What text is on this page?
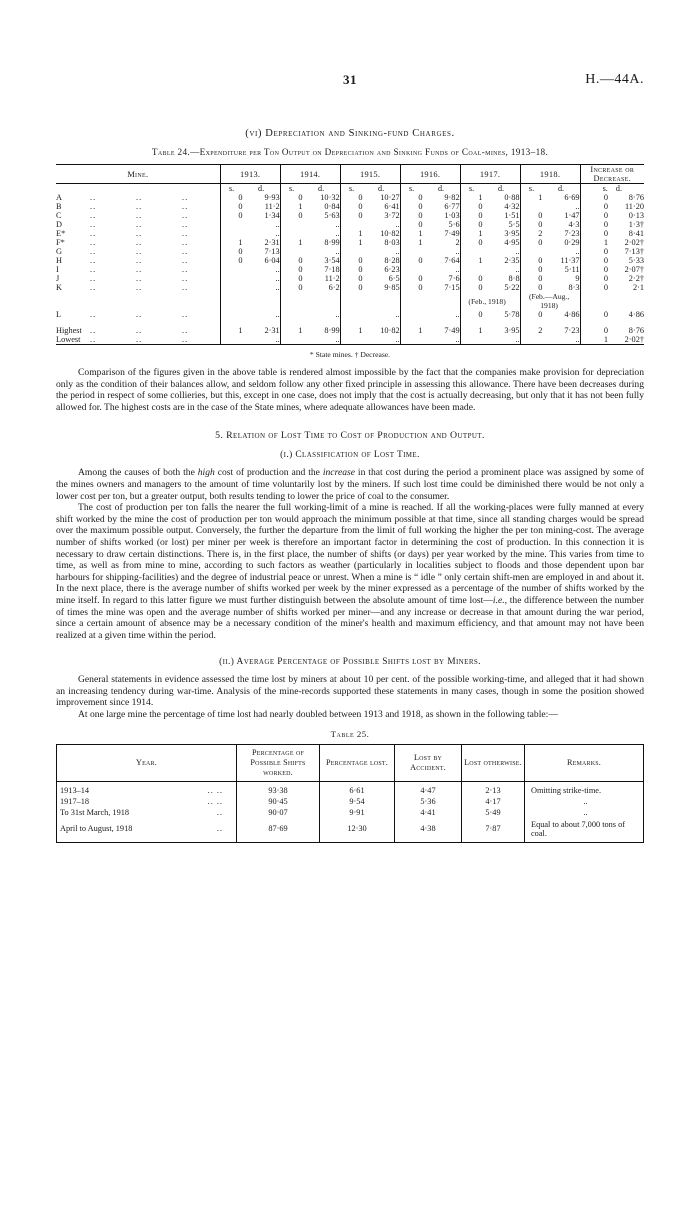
31	H.—44A.
(vi) Depreciation and Sinking-fund Charges.
Table 24.—Expenditure per Ton Output on Depreciation and Sinking Funds of Coal-mines, 1913–18.
Mine.	1913.		1914.		1915.		1916.		1917.		1918.		Increase or Decrease.
	s.	d.	s.	d.	s.	d.	s.	d.	s.	d.	s.	d.	s. d.
A .. .. ..	0	9·93	0	10·32	0	10·27	0	9·82	1	0·88	1	6·69	0 8·76
B .. .. ..	0	11·2	1	0·84	0	6·41	0	6·77	0	4·32		..	0 11·20
C .. .. ..	0	1·34	0	5·63	0	3·72	0	1·03	0	1·51	0	1·47	0 0·13
D .. .. ..		..		..		..	0	5·6	0	5·5	0	4·3	0 1·3†
E* .. .. ..		..		..	1	10·82	1	7·49	1	3·95	2	7·23	0 8·41
F* .. .. ..	1	2·31	1	8·99	1	8·03	1	2	0	4·95	0	0·29	1 2·02†
G .. .. ..	0	7·13		..		..		..		..		..	0 7·13†
H .. .. ..	0	6·04	0	3·54	0	8·28	0	7·64	1	2·35	0	11·37	0 5·33
I .. .. ..		..	0	7·18	0	6·23		..		..	0	5·11	0 2·07†
J .. .. ..		..	0	11·2	0	6·5	0	7·6	0	8·8	0	9	0 2·2†
K .. .. ..		..	0	6·2	0	9·85	0	7·15	0	5·22	0	8·3	0 2·1
									(Feb., 1918)		(Feb.—Aug., 1918)		
L .. .. ..		..		..		..		..	0	5·78	0	4·86	0 4·86

Highest .. .. ..	1	2·31	1	8·99	1	10·82	1	7·49	1	3·95	2	7·23	0 8·76
Lowest .. .. ..		..		..		..		..		..		..	1 2·02†
* State mines. † Decrease.

Comparison of the figures given in the above table is rendered almost impossible by the fact that the companies make provision for depreciation only as the condition of their balances allow, and seldom follow any other fixed principle in assessing this allowance. There have been decreases during the period in respect of some collieries, but this, except in one case, does not imply that the cost is actually decreasing, but only that it has not been fully allowed for. The highest costs are in the case of the State mines, where adequate allowances have been made.

5. Relation of Lost Time to Cost of Production and Output.
(i.) Classification of Lost Time.

Among the causes of both the high cost of production and the increase in that cost during the period a prominent place was assigned by some of the mines owners and managers to the amount of time voluntarily lost by the miners. If such lost time could be diminished there would be not only a lower cost per ton, but a greater output, both results tending to lower the price of coal to the consumer.

The cost of production per ton falls the nearer the full working-limit of a mine is reached. If all the working-places were fully manned at every shift worked by the mine the cost of production per ton would approach the minimum possible at that time, since all standing charges would be spread over the maximum possible output. Conversely, the further the departure from the limit of full working the higher the per ton mining-cost. The average number of shifts worked (or lost) per miner per week is therefore an important factor in determining the cost of production. In this connection it is necessary to draw certain distinctions. There is, in the first place, the number of shifts (or days) per year worked by the mine. This varies from time to time, as well as from mine to mine, according to such factors as weather (particularly in localities subject to floods and those dependent upon bar harbours for shipping-facilities) and the degree of industrial peace or unrest. When a mine is “ idle ” only certain shift-men are employed in and about it. In the next place, there is the average number of shifts worked per week by the miner expressed as a percentage of the number of shifts worked by the mine itself. In regard to this latter figure we must further distinguish between the absolute amount of time lost—i.e., the difference between the number of times the mine was open and the average number of shifts worked per miner—and any increase or decrease in that amount during the war period, since a certain amount of absence may be a necessary condition of the miner's health and maximum efficiency, and that amount may not have been realized at a given time within the period.

(ii.) Average Percentage of Possible Shifts lost by Miners.

General statements in evidence assessed the time lost by miners at about 10 per cent. of the possible working-time, and alleged that it had shown an increasing tendency during war-time. Analysis of the mine-records supported these statements in many cases, though in some the position showed improvement since 1914.

At one large mine the percentage of time lost had nearly doubled between 1913 and 1918, as shown in the following table:—

Table 25.
Year.	Percentage of Possible Shifts worked.	Percentage lost.	Lost by Accident.	Lost otherwise.	Remarks.
1913–14 .. ..	93·38	6·61	4·47	2·13	Omitting strike-time.
1917–18 .. ..	90·45	9·54	5·36	4·17	..

To 31st March, 1918 ..	90·07	9·91	4·41	5·49	..

April to August, 1918 ..	87·69	12·30	4·38	7·87	Equal to about 7,000 tons of coal.
